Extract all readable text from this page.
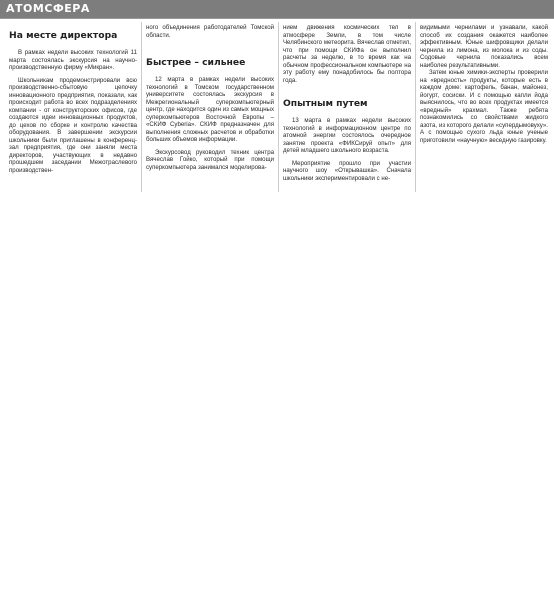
АТОМСФЕРА
На месте директора

В рамках недели высоких технологий 11 марта состоялась экскурсия на научно-производственную фирму «Микран».

Школьникам продемонстрировали всю производственно-сбытовую цепочку инновационного предприятия, показали, как происходит работа во всех подразделениях компании - от конструкторских офисов, где создаются идеи инновационных продуктов, до цехов по сборке и контролю качества оборудования. В завершении экскурсии школьники были приглашены в конференц-зал предприятия, где они заняли места директоров, участвующих в недавно прошедшем заседании Межотраслевого производствен-

ного объединения работодателей Томской области.

Быстрее – сильнее

12 марта в рамках недели высоких технологий в Томском государственном университете состоялась экскурсия в Межрегиональный суперкомпьютерный центр, где находится один из самых мощных суперкомпьютеров Восточной Европы – «СКИФ Cyberia». СКИФ предназначен для выполнения сложных расчетов и обработки больших объемов информации.

Экскурсовод руководил техник центра Вячеслав Гойко, который при помощи суперкомпьютера занимался моделирова-

нием движения космических тел в атмосфере Земли, в том числе Челябинского метеорита. Вячеслав отметил, что при помощи СКИФа он выполнил расчеты за неделю, в то время как на обычном профессиональном компьютере на эту работу ему понадобилось бы полтора года.

Опытным путем

13 марта в рамках недели высоких технологий в информационном центре по атомной энергии состоялось очередное занятие проекта «ФИКСируй опыт» для детей младшего школьного возраста.

Мероприятие прошло при участии научного шоу «Открывашка». Сначала школьники экспериментировали с не-

видимыми чернилами и узнавали, какой способ их создания окажется наиболее эффективным. Юные шифровщики делали чернила из лимона, из молока и из соды. Содовые чернила показались всем наиболее результативными.

Затем юные химики-эксперты проверили на «вредность» продукты, которые есть в каждом доме: картофель, банан, майонез, йогурт, сосиски. И с помощью капли йода выяснилось, что во всех продуктах имеется «вредный» крахмал. Также ребята познакомились со свойствами жидкого азота, из которого делали «супердымовуху». А с помощью сухого льда юные ученые приготовили «научную» веседную газировку.
